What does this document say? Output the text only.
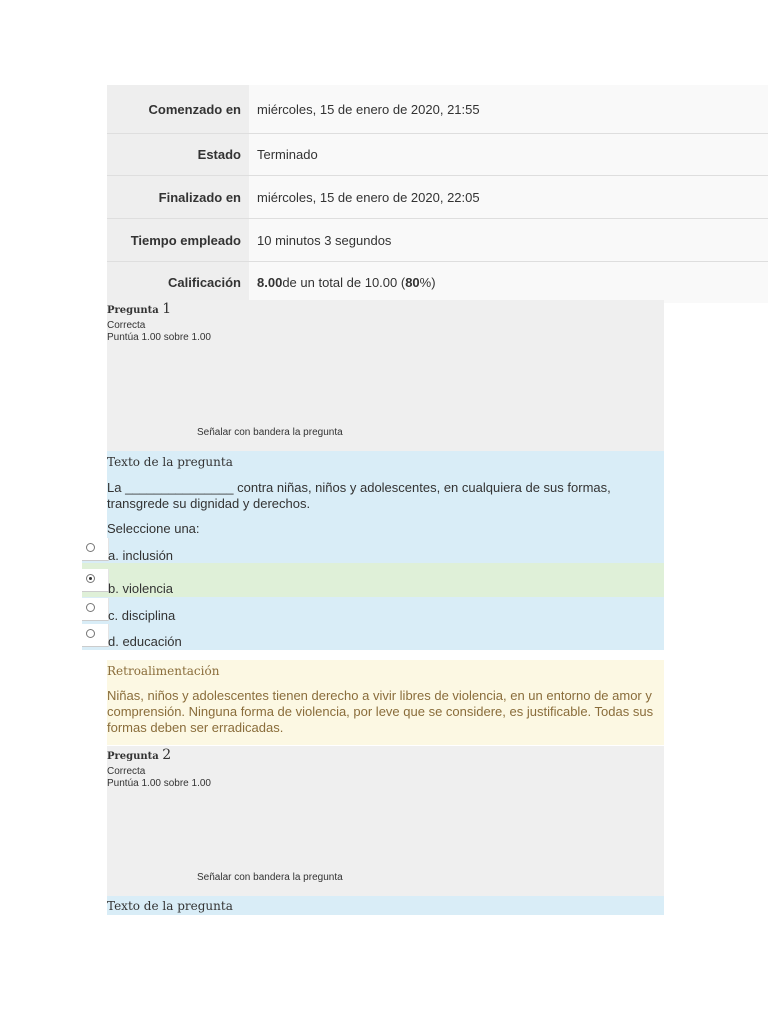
Comenzado en	miércoles, 15 de enero de 2020, 21:55
Estado	Terminado
Finalizado en	miércoles, 15 de enero de 2020, 22:05
Tiempo empleado	10 minutos 3 segundos
Calificación	8.00 de un total de 10.00 ( 80 %)
Pregunta 1
Correcta
Puntúa 1.00 sobre 1.00
Señalar con bandera la pregunta
Texto de la pregunta
La _______________ contra niñas, niños y adolescentes, en cualquiera de sus formas, transgrede su dignidad y derechos.
Seleccione una:
a. inclusión
b. violencia
c. disciplina
d. educación
Retroalimentación
Niñas, niños y adolescentes tienen derecho a vivir libres de violencia, en un entorno de amor y comprensión. Ninguna forma de violencia, por leve que se considere, es justificable. Todas sus formas deben ser erradicadas.
Pregunta 2
Correcta
Puntúa 1.00 sobre 1.00
Señalar con bandera la pregunta
Texto de la pregunta
